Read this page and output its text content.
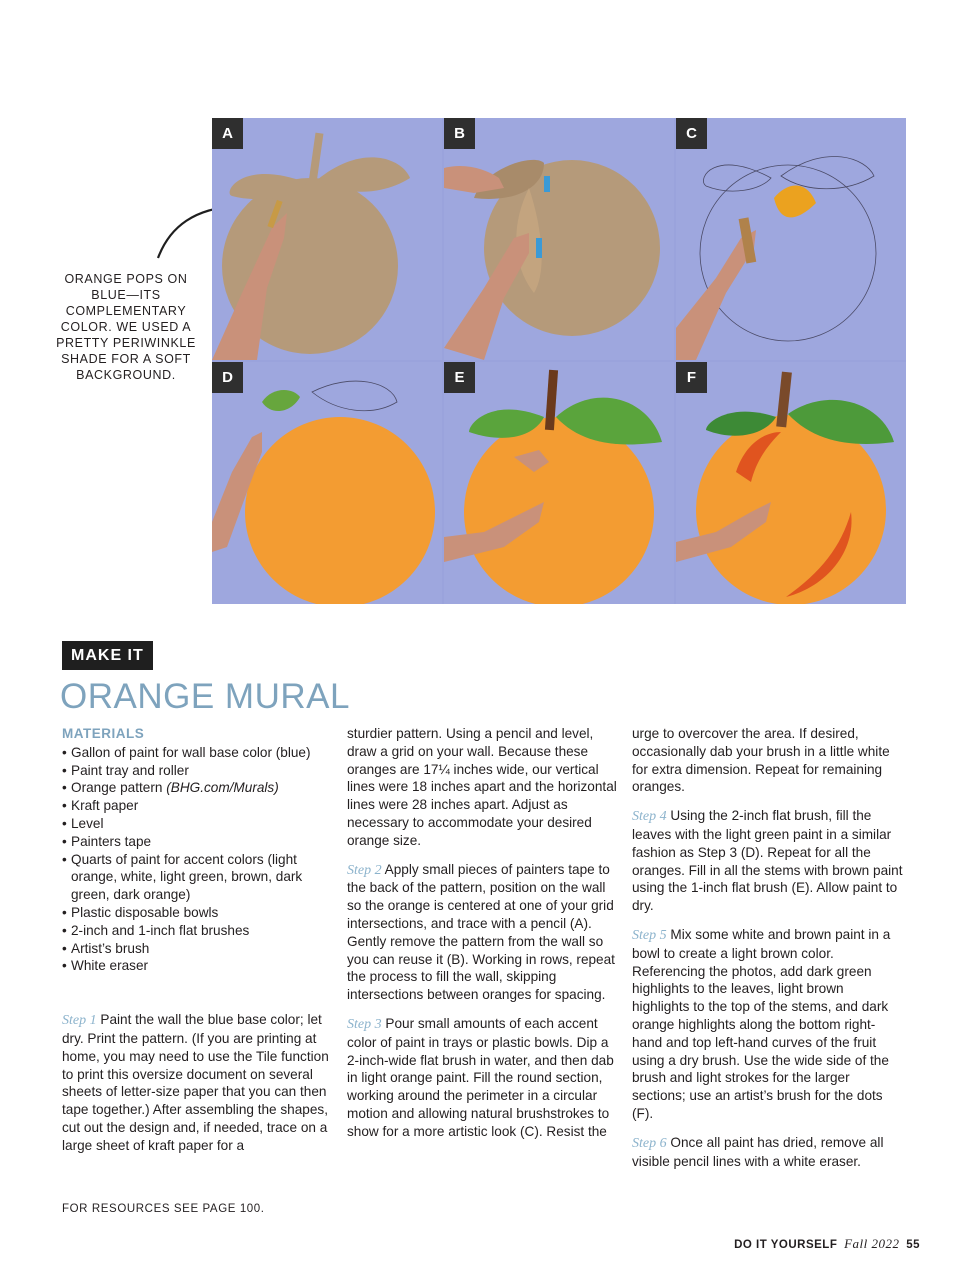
ORANGE POPS ON BLUE—ITS COMPLEMENTARY COLOR. WE USED A PRETTY PERIWINKLE SHADE FOR A SOFT BACKGROUND.
A	B	C
D	E	F
MAKE IT
ORANGE MURAL
MATERIALS
• Gallon of paint for wall base color (blue)
• Paint tray and roller
• Orange pattern (BHG.com/Murals)
• Kraft paper
• Level
• Painters tape
• Quarts of paint for accent colors (light orange, white, light green, brown, dark green, dark orange)
• Plastic disposable bowls
• 2-inch and 1-inch flat brushes
• Artist’s brush
• White eraser

Step 1 Paint the wall the blue base color; let dry. Print the pattern. (If you are printing at home, you may need to use the Tile function to print this oversize document on several sheets of letter-size paper that you can then tape together.) After assembling the shapes, cut out the design and, if needed, trace on a large sheet of kraft paper for a

sturdier pattern. Using a pencil and level, draw a grid on your wall. Because these oranges are 17¼ inches wide, our vertical lines were 18 inches apart and the horizontal lines were 28 inches apart. Adjust as necessary to accommodate your desired orange size.

Step 2 Apply small pieces of painters tape to the back of the pattern, position on the wall so the orange is centered at one of your grid intersections, and trace with a pencil (A). Gently remove the pattern from the wall so you can reuse it (B). Working in rows, repeat the process to fill the wall, skipping intersections between oranges for spacing.

Step 3 Pour small amounts of each accent color of paint in trays or plastic bowls. Dip a 2-inch-wide flat brush in water, and then dab in light orange paint. Fill the round section, working around the perimeter in a circular motion and allowing natural brushstrokes to show for a more artistic look (C). Resist the

urge to overcover the area. If desired, occasionally dab your brush in a little white for extra dimension. Repeat for remaining oranges.

Step 4 Using the 2-inch flat brush, fill the leaves with the light green paint in a similar fashion as Step 3 (D). Repeat for all the oranges. Fill in all the stems with brown paint using the 1-inch flat brush (E). Allow paint to dry.

Step 5 Mix some white and brown paint in a bowl to create a light brown color. Referencing the photos, add dark green highlights to the leaves, light brown highlights to the top of the stems, and dark orange highlights along the bottom right-hand and top left-hand curves of the fruit using a dry brush. Use the wide side of the brush and light strokes for the larger sections; use an artist’s brush for the dots (F).

Step 6 Once all paint has dried, remove all visible pencil lines with a white eraser.

FOR RESOURCES SEE PAGE 100.
DO IT YOURSELF Fall 2022 55
